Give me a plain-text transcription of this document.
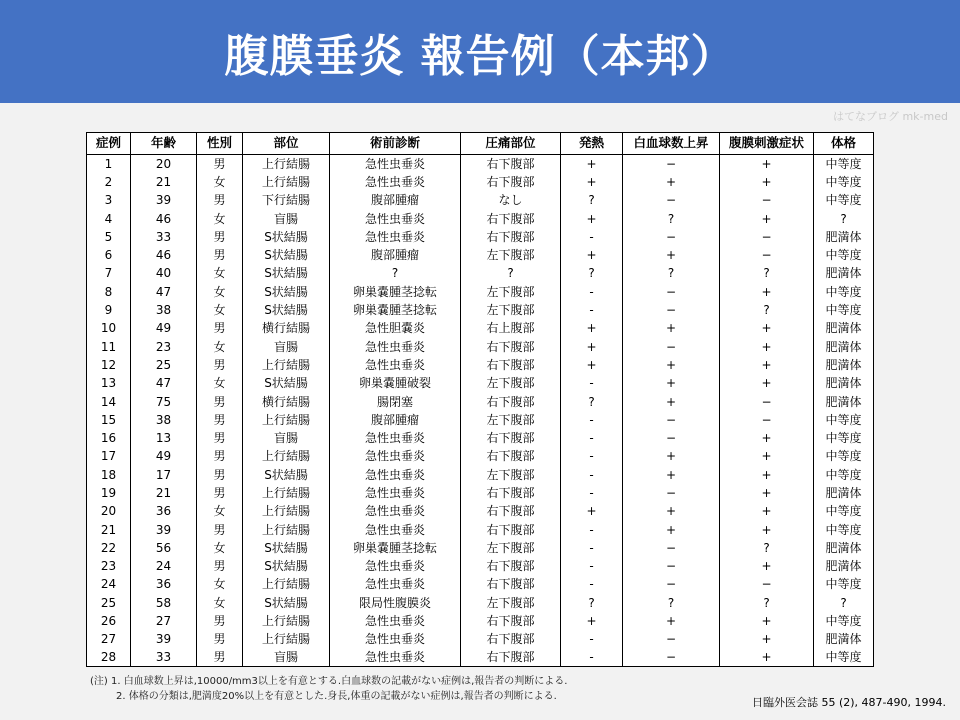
腹膜垂炎 報告例（本邦）
はてなブログ mk-med
症例	年齢	性別	部位	術前診断	圧痛部位	発熱	白血球数上昇	腹膜刺激症状	体格
1	20	男	上行結腸	急性虫垂炎	右下腹部	+	−	+	中等度
2	21	女	上行結腸	急性虫垂炎	右下腹部	+	+	+	中等度
3	39	男	下行結腸	腹部腫瘤	なし	?	−	−	中等度
4	46	女	盲腸	急性虫垂炎	右下腹部	+	?	+	?
5	33	男	S状結腸	急性虫垂炎	右下腹部	-	−	−	肥満体
6	46	男	S状結腸	腹部腫瘤	左下腹部	+	+	−	中等度
7	40	女	S状結腸	?	?	?	?	?	肥満体
8	47	女	S状結腸	卵巣嚢腫茎捻転	左下腹部	-	−	+	中等度
9	38	女	S状結腸	卵巣嚢腫茎捻転	左下腹部	-	−	?	中等度
10	49	男	横行結腸	急性胆嚢炎	右上腹部	+	+	+	肥満体
11	23	女	盲腸	急性虫垂炎	右下腹部	+	−	+	肥満体
12	25	男	上行結腸	急性虫垂炎	右下腹部	+	+	+	肥満体
13	47	女	S状結腸	卵巣嚢腫破裂	左下腹部	-	+	+	肥満体
14	75	男	横行結腸	腸閉塞	右下腹部	?	+	−	肥満体
15	38	男	上行結腸	腹部腫瘤	左下腹部	-	−	−	中等度
16	13	男	盲腸	急性虫垂炎	右下腹部	-	−	+	中等度
17	49	男	上行結腸	急性虫垂炎	右下腹部	-	+	+	中等度
18	17	男	S状結腸	急性虫垂炎	左下腹部	-	+	+	中等度
19	21	男	上行結腸	急性虫垂炎	右下腹部	-	−	+	肥満体
20	36	女	上行結腸	急性虫垂炎	右下腹部	+	+	+	中等度
21	39	男	上行結腸	急性虫垂炎	右下腹部	-	+	+	中等度
22	56	女	S状結腸	卵巣嚢腫茎捻転	左下腹部	-	−	?	肥満体
23	24	男	S状結腸	急性虫垂炎	右下腹部	-	−	+	肥満体
24	36	女	上行結腸	急性虫垂炎	右下腹部	-	−	−	中等度
25	58	女	S状結腸	限局性腹膜炎	左下腹部	?	?	?	?
26	27	男	上行結腸	急性虫垂炎	右下腹部	+	+	+	中等度
27	39	男	上行結腸	急性虫垂炎	右下腹部	-	−	+	肥満体
28	33	男	盲腸	急性虫垂炎	右下腹部	-	−	+	中等度
(注) 1. 白血球数上昇は,10000/mm3以上を有意とする.白血球数の記載がない症例は,報告者の判断による.
2. 体格の分類は,肥満度20%以上を有意とした.身長,体重の記載がない症例は,報告者の判断による.	日臨外医会誌 55 (2), 487-490, 1994.
